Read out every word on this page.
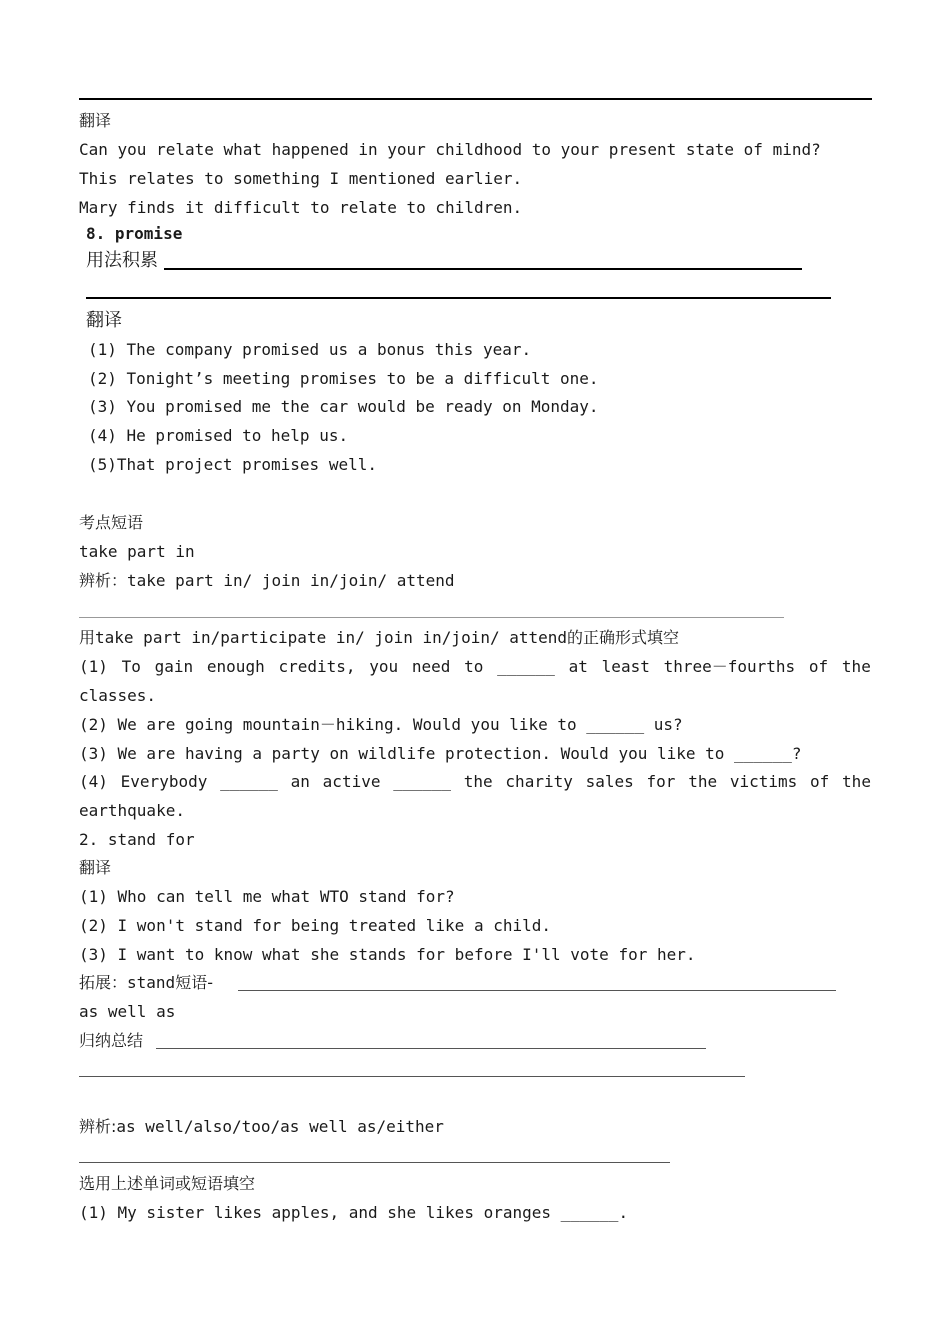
翻译
Can you relate what happened in your childhood to your present state of mind?
This relates to something I mentioned earlier.
Mary finds it difficult to relate to children.
8. promise
用法积累
翻译
(1) The company promised us a bonus this year.
(2) Tonight’s meeting promises to be a difficult one.
(3) You promised me the car would be ready on Monday.
(4) He promised to help us.
(5)That project promises well.
考点短语
take part in
辨析：take part in/ join in/join/ attend
用take part in/participate in/ join in/join/ attend的正确形式填空
(1) To gain enough credits, you need to ______ at least three－fourths of the
classes.
(2) We are going mountain－hiking. Would you like to ______ us?
(3) We are having a party on wildlife protection. Would you like to ______?
(4) Everybody ______ an active ______ the charity sales for the victims of the
earthquake.
2. stand for
翻译
(1) Who can tell me what WTO stand for?
(2) I won't stand for being treated like a child.
(3) I want to know what she stands for before I'll vote for her.
拓展：stand短语-
as well as
归纳总结
辨析:as well/also/too/as well as/either
选用上述单词或短语填空
(1) My sister likes apples, and she likes oranges ______.
